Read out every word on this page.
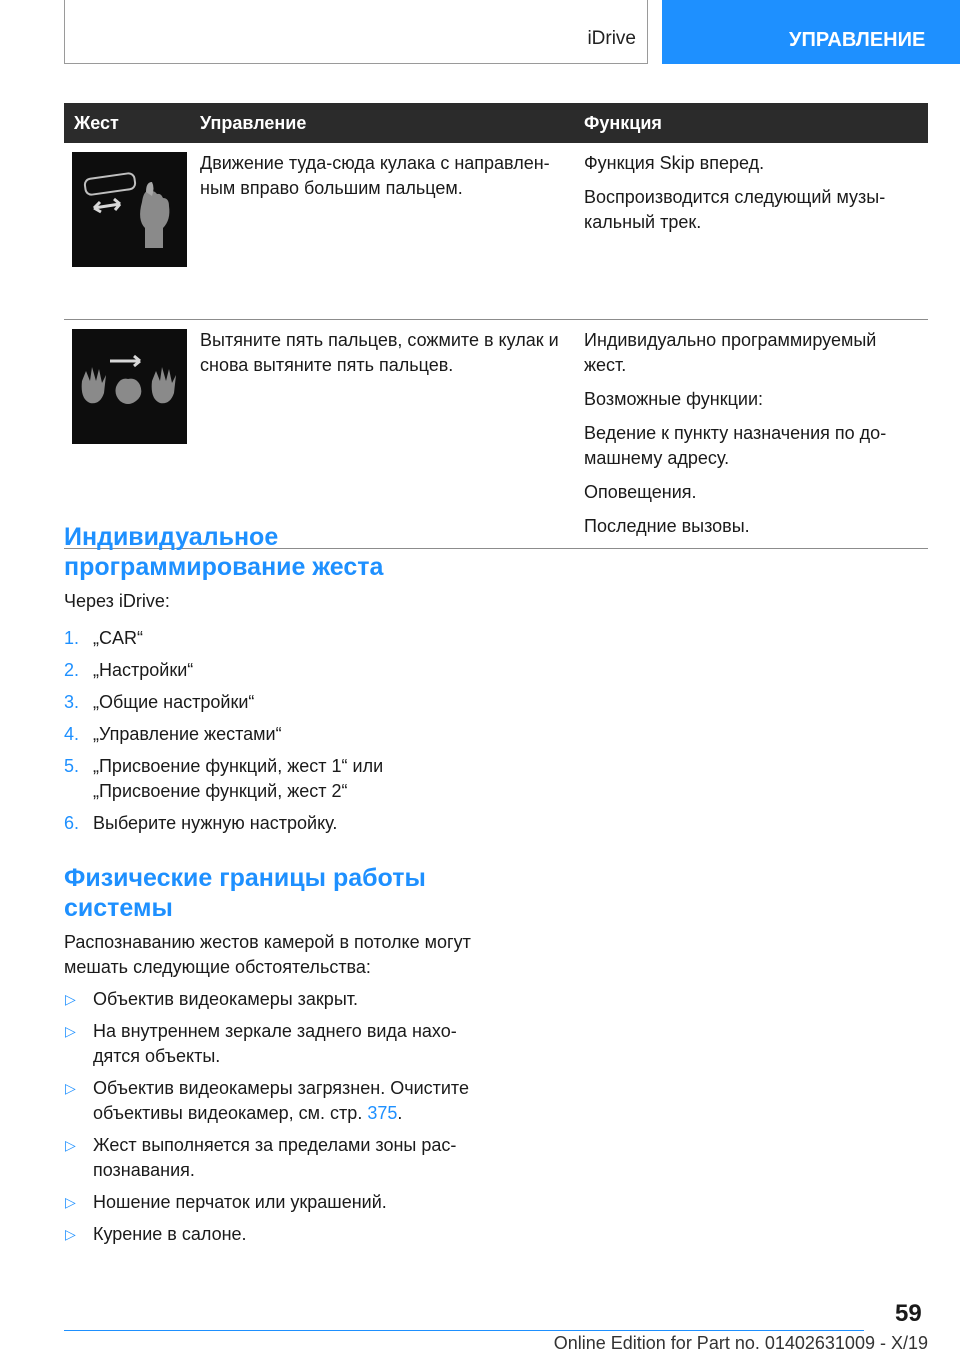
iDrive	УПРАВЛЕНИЕ
Жест	Управление	Функция

	Движение туда-сюда кулака с направленным вправо большим пальцем.	Функция Skip вперед.

Воспроизводится следующий музыкальный трек.

	Вытяните пять пальцев, сожмите в кулак и снова вытяните пять пальцев.	Индивидуально программируемый жест.

Возможные функции:

Ведение к пункту назначения по домашнему адресу.

Оповещения.

Последние вызовы.

Индивидуальное программирование жеста

Через iDrive:

1. „CAR“
2. „Настройки“
3. „Общие настройки“
4. „Управление жестами“
5. „Присвоение функций, жест 1“ или „Присвоение функций, жест 2“
6. Выберите нужную настройку.
Физические границы работы системы

Распознаванию жестов камерой в потолке могут мешать следующие обстоятельства:

▷ Объектив видеокамеры закрыт.
▷ На внутреннем зеркале заднего вида находятся объекты.
▷ Объектив видеокамеры загрязнен. Очистите объективы видеокамер, см. стр. 375.
▷ Жест выполняется за пределами зоны распознавания.
▷ Ношение перчаток или украшений.
▷ Курение в салоне.
59
Online Edition for Part no. 01402631009 - X/19
